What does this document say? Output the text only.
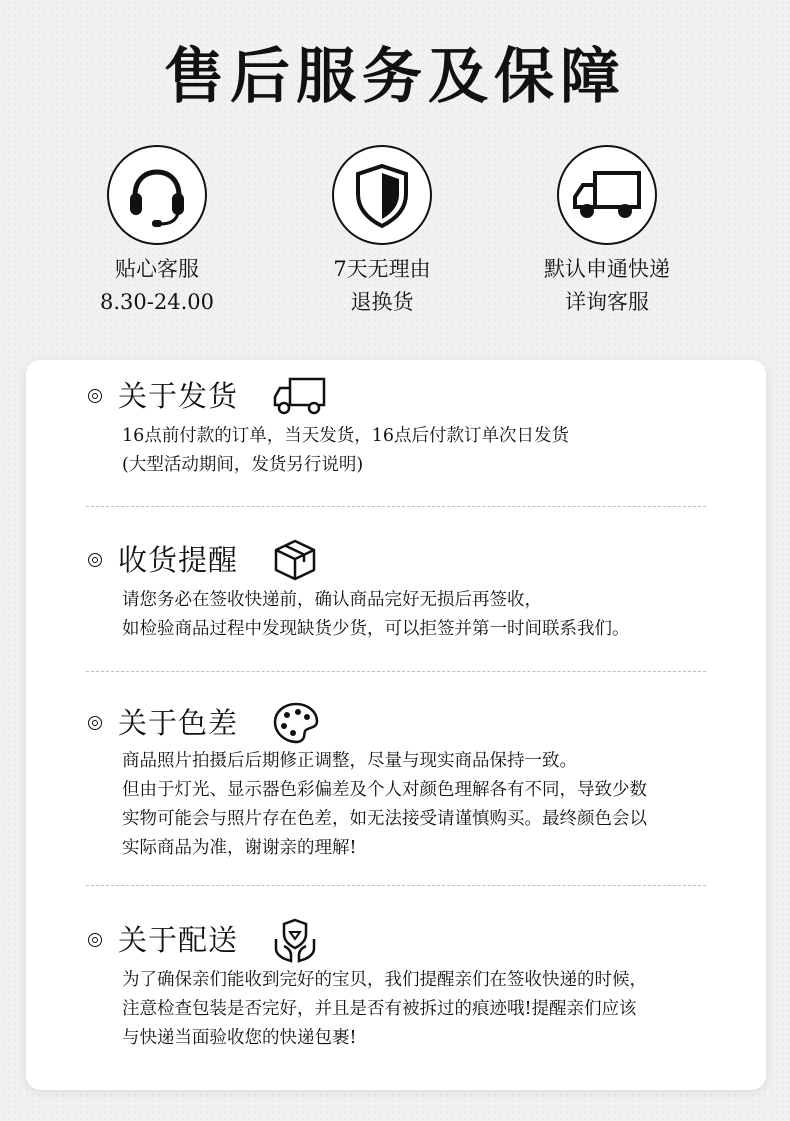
售后服务及保障

贴心客服

8.30-24.00

7天无理由

退换货

默认申通快递

详询客服

关于发货

16点前付款的订单，当天发货，16点后付款订单次日发货

(大型活动期间，发货另行说明)

收货提醒

请您务必在签收快递前，确认商品完好无损后再签收，

如检验商品过程中发现缺货少货，可以拒签并第一时间联系我们。

关于色差

商品照片拍摄后后期修正调整，尽量与现实商品保持一致。

但由于灯光、显示器色彩偏差及个人对颜色理解各有不同，导致少数

实物可能会与照片存在色差，如无法接受请谨慎购买。最终颜色会以

实际商品为准，谢谢亲的理解!

关于配送

为了确保亲们能收到完好的宝贝，我们提醒亲们在签收快递的时候，

注意检查包装是否完好，并且是否有被拆过的痕迹哦!提醒亲们应该

与快递当面验收您的快递包裹!
